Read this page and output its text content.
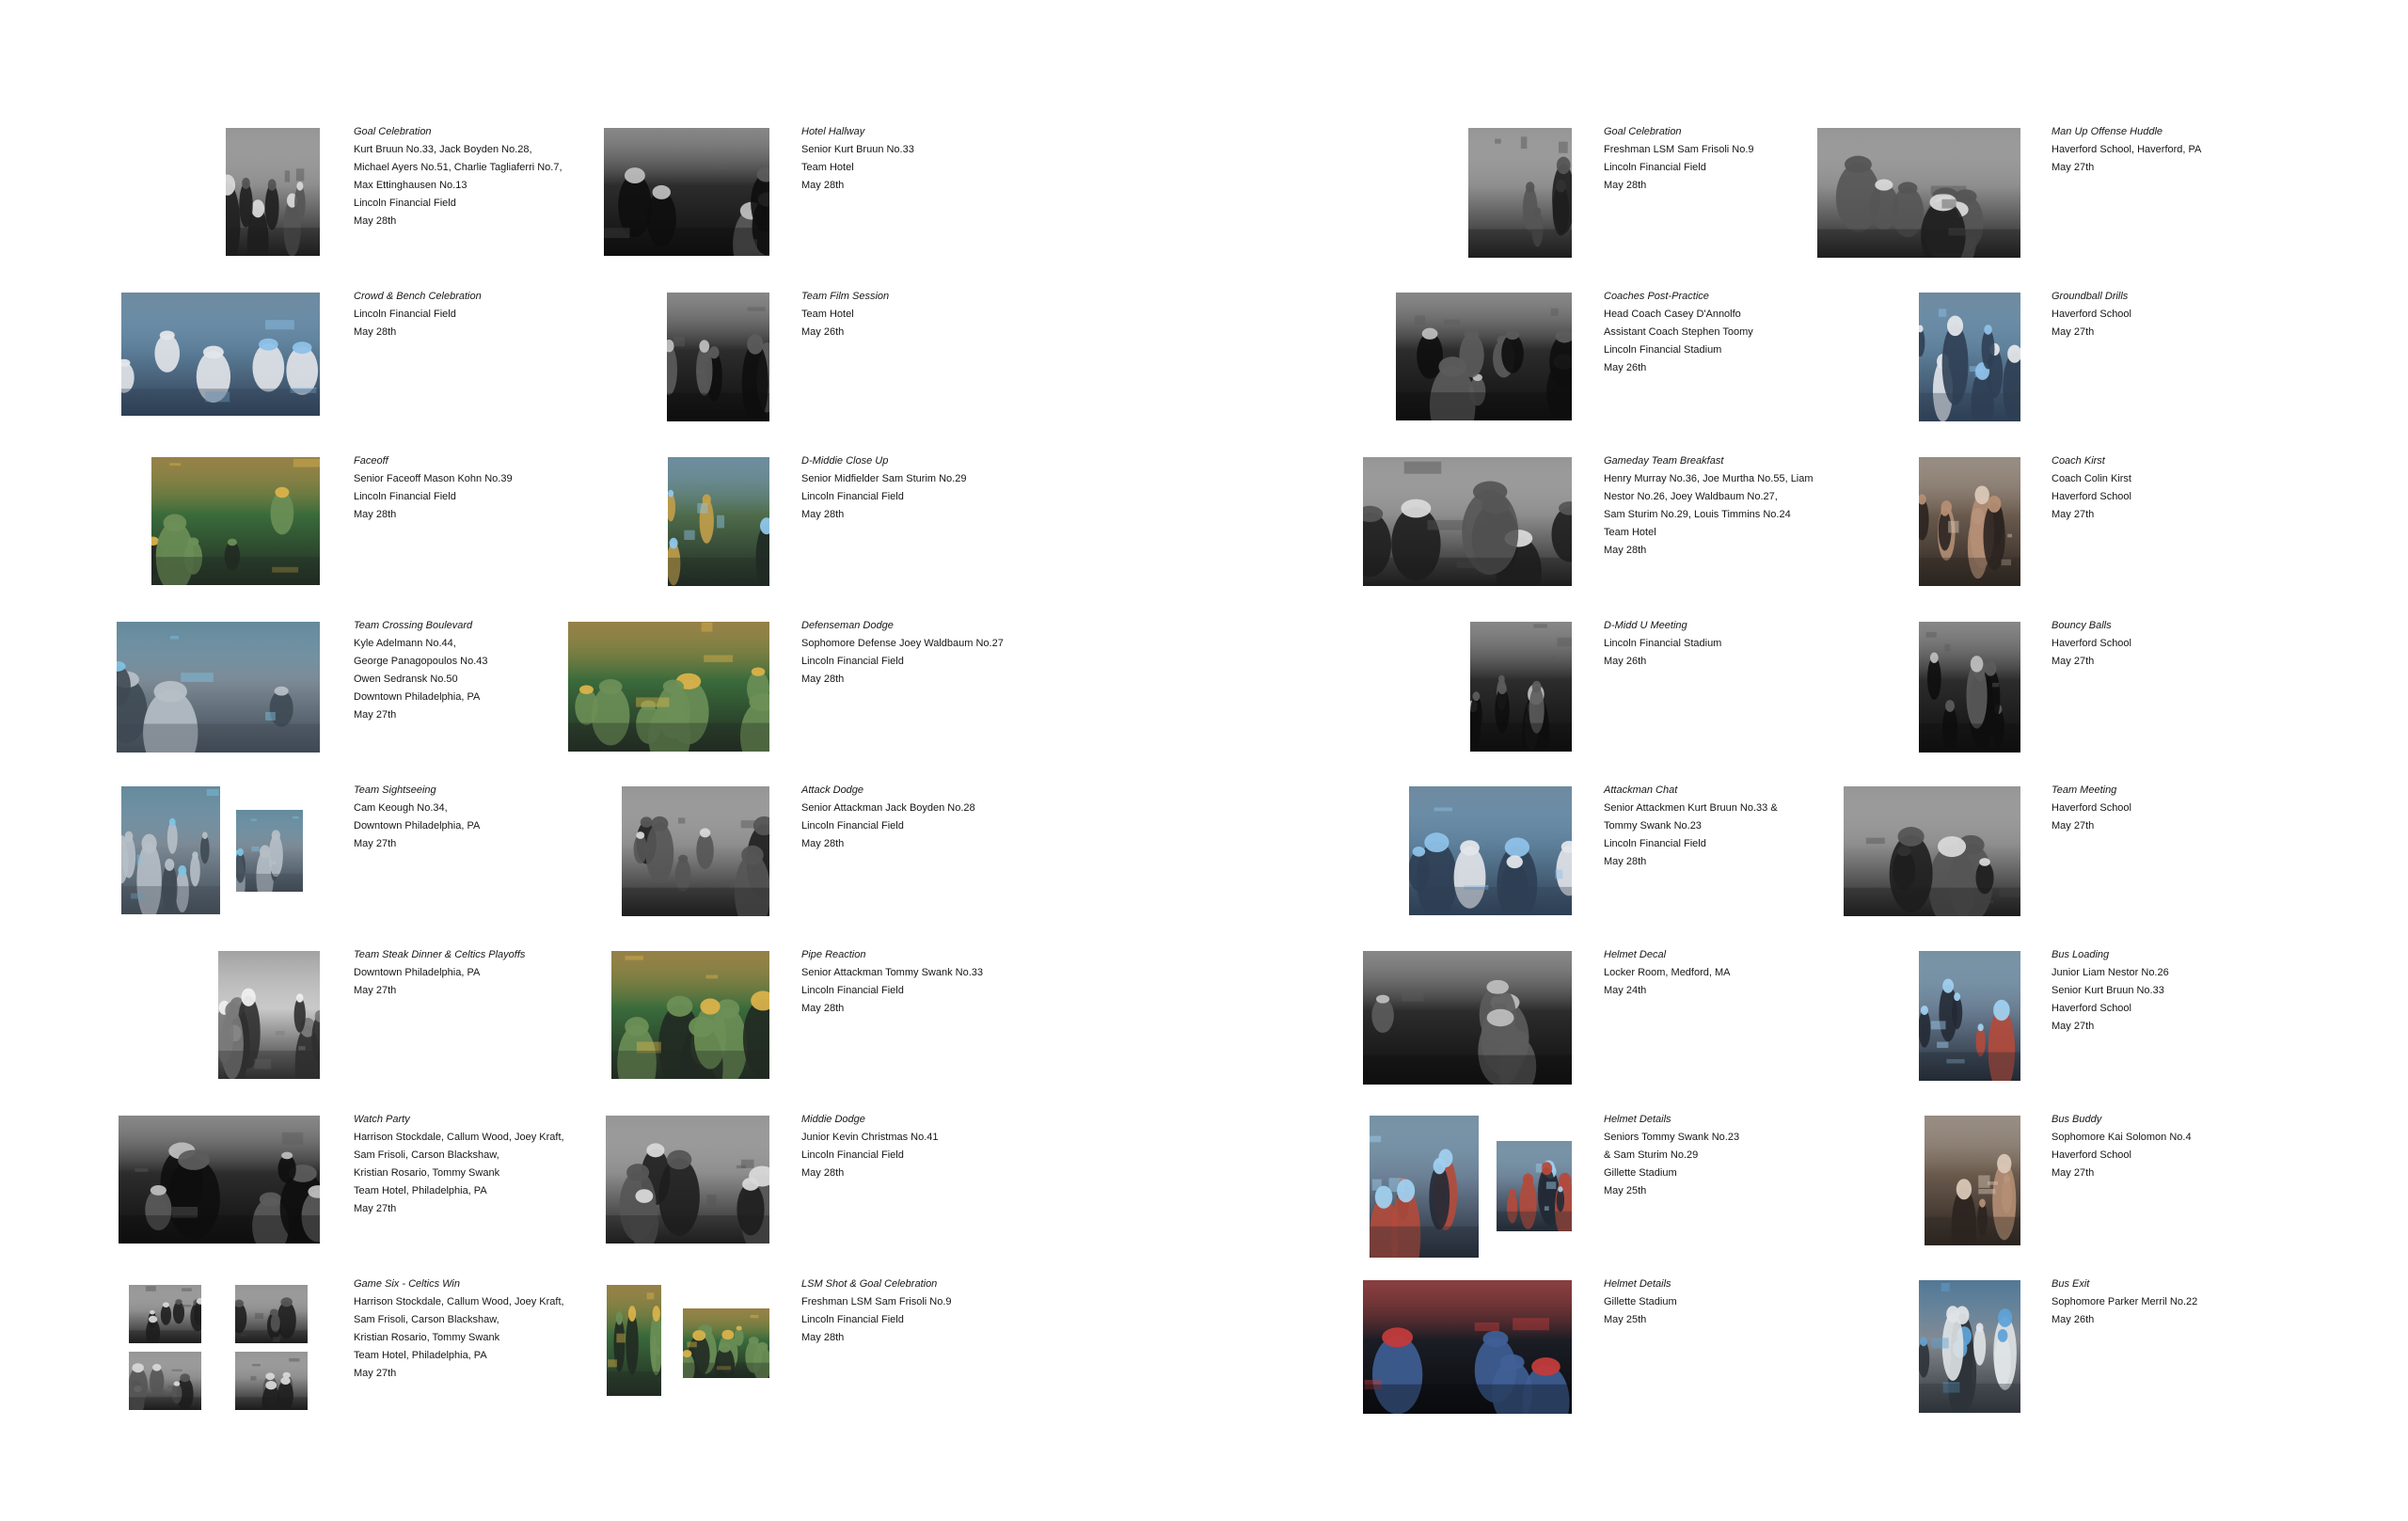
Goal Celebration
Kurt Bruun No.33, Jack Boyden No.28,
Michael Ayers No.51, Charlie Tagliaferri No.7,
Max Ettinghausen No.13
Lincoln Financial Field
May 28th
Crowd & Bench Celebration
Lincoln Financial Field
May 28th
Faceoff
Senior Faceoff Mason Kohn No.39
Lincoln Financial Field
May 28th
Team Crossing Boulevard
Kyle Adelmann No.44,
George Panagopoulos No.43
Owen Sedransk No.50
Downtown Philadelphia, PA
May 27th
Team Sightseeing
Cam Keough No.34,
Downtown Philadelphia, PA
May 27th
Team Steak Dinner & Celtics Playoffs
Downtown Philadelphia, PA
May 27th
Watch Party
Harrison Stockdale, Callum Wood, Joey Kraft,
Sam Frisoli, Carson Blackshaw,
Kristian Rosario, Tommy Swank
Team Hotel, Philadelphia, PA
May 27th
Game Six - Celtics Win
Harrison Stockdale, Callum Wood, Joey Kraft,
Sam Frisoli, Carson Blackshaw,
Kristian Rosario, Tommy Swank
Team Hotel, Philadelphia, PA
May 27th
Hotel Hallway
Senior Kurt Bruun No.33
Team Hotel
May 28th
Team Film Session
Team Hotel
May 26th
D-Middie Close Up
Senior Midfielder Sam Sturim No.29
Lincoln Financial Field
May 28th
Defenseman Dodge
Sophomore Defense Joey Waldbaum No.27
Lincoln Financial Field
May 28th
Attack Dodge
Senior Attackman Jack Boyden No.28
Lincoln Financial Field
May 28th
Pipe Reaction
Senior Attackman Tommy Swank No.33
Lincoln Financial Field
May 28th
Middie Dodge
Junior Kevin Christmas No.41
Lincoln Financial Field
May 28th
LSM Shot & Goal Celebration
Freshman LSM Sam Frisoli No.9
Lincoln Financial Field
May 28th
Goal Celebration
Freshman LSM Sam Frisoli No.9
Lincoln Financial Field
May 28th
Coaches Post-Practice
Head Coach Casey D'Annolfo
Assistant Coach Stephen Toomy
Lincoln Financial Stadium
May 26th
Gameday Team Breakfast
Henry Murray No.36, Joe Murtha No.55, Liam
Nestor No.26, Joey Waldbaum No.27,
Sam Sturim No.29, Louis Timmins No.24
Team Hotel
May 28th
D-Midd U Meeting
Lincoln Financial Stadium
May 26th
Attackman Chat
Senior Attackmen Kurt Bruun No.33 &
Tommy Swank No.23
Lincoln Financial Field
May 28th
Helmet Decal
Locker Room, Medford, MA
May 24th
Helmet Details
Seniors Tommy Swank No.23
& Sam Sturim No.29
Gillette Stadium
May 25th
Helmet Details
Gillette Stadium
May 25th
Man Up Offense Huddle
Haverford School, Haverford, PA
May 27th
Groundball Drills
Haverford School
May 27th
Coach Kirst
Coach Colin Kirst
Haverford School
May 27th
Bouncy Balls
Haverford School
May 27th
Team Meeting
Haverford School
May 27th
Bus Loading
Junior Liam Nestor No.26
Senior Kurt Bruun No.33
Haverford School
May 27th
Bus Buddy
Sophomore Kai Solomon No.4
Haverford School
May 27th
Bus Exit
Sophomore Parker Merril No.22
May 26th
